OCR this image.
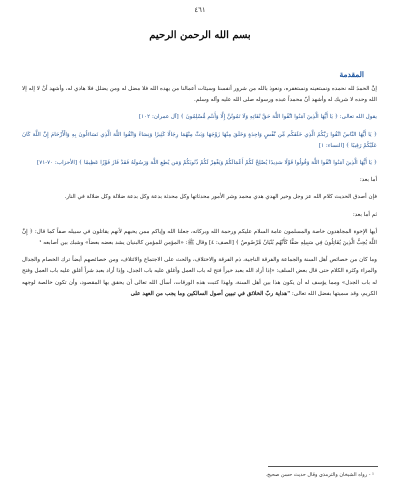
٤٦١
بسم الله الرحمن الرحيم
المقدمة

إنَّ الحمدَ لله نحمده ونستعينه ونستغفره، ونعوذ بالله من شرور أنفسنا وسيئات أعمالنا من يهده الله فلا مضل له ومن يضلل فلا هادي له، وأشهد أنْ لا إله إلا الله وحده لا شريك له وأشهد أنّ محمداً عبده ورسوله صلى الله عليه وآله وسلم.

يقول الله تعالى: ﴿ يَا أَيُّهَا الَّذِينَ آمَنُوا اتَّقُوا اللَّهَ حَقَّ تُقَاتِهِ وَلَا تَمُوتُنَّ إِلَّا وَأَنتُم مُّسْلِمُونَ ﴾ [آل عمران: ١٠٢]

﴿ يَا أَيُّهَا النَّاسُ اتَّقُوا رَبَّكُمُ الَّذِي خَلَقَكُم مِّن نَّفْسٍ وَاحِدَةٍ وَخَلَقَ مِنْهَا زَوْجَهَا وَبَثَّ مِنْهُمَا رِجَالًا كَثِيرًا وَنِسَاءً وَاتَّقُوا اللَّهَ الَّذِي تَسَاءَلُونَ بِهِ وَالْأَرْحَامَ إِنَّ اللَّهَ كَانَ عَلَيْكُمْ رَقِيبًا ﴾ [النساء: ١]

﴿ يَا أَيُّهَا الَّذِينَ آمَنُوا اتَّقُوا اللَّهَ وَقُولُوا قَوْلًا سَدِيدًا يُصْلِحْ لَكُمْ أَعْمَالَكُمْ وَيَغْفِرْ لَكُمْ ذُنُوبَكُمْ وَمَن يُطِعِ اللَّهَ وَرَسُولَهُ فَقَدْ فَازَ فَوْزًا عَظِيمًا ﴾ [الأحزاب: ٧٠-٧١]

أما بعد:

فإن أصدق الحديث كلام الله عز وجل وخير الهدي هدي محمد وشر الأمور محدثاتها وكل محدثة بدعة وكل بدعة ضلالة وكل ضلالة في النار.

ثم أما بعد:

أيها الإخوة المجاهدون خاصة والمسلمون عامة السلام عليكم ورحمة الله وبركاته، جعلنا الله وإياكم ممن يحبهم لأنهم يقاتلون في سبيله صفاً كما قال: ﴿ إِنَّ اللَّهَ يُحِبُّ الَّذِينَ يُقَاتِلُونَ فِي سَبِيلِهِ صَفًّا كَأَنَّهُم بُنْيَانٌ مَّرْصُوصٌ ﴾ [الصف: ٤] وقال ﷺ: «المؤمن للمؤمن كالبنيان يشد بعضه بعضاً» وشبك بين أصابعه ¹

وما كان من خصائص أهل السنة والجماعة والفرقة الناجية، ذم الفرقة والاختلاف، والحث على الاجتماع والائتلاف، ومن خصائصهم أيضاً ترك الخصام والجدال والمراء وكثرة الكلام حتى قال بعض السلف: «إذا أراد الله بعبد خيراً فتح له باب العمل وأغلق عليه باب الجدل، وإذا أراد بعبد شراً أغلق عليه باب العمل وفتح له باب الجدل» ومما يؤسف له أن يكون هذا بين أهل السنة، ولهذا كتبت هذه الورقات، أسأل الله تعالى أن يحقق بها المقصود، وأن تكون خالصة لوجهه الكريم، وقد سميتها بفضل الله تعالى: "هداية ربّ الخلائق في تبيين أصول السالكين وما يجب من العهد على

¹ - رواه الشيخان والترمذي وقال حديث حسن صحيح.
